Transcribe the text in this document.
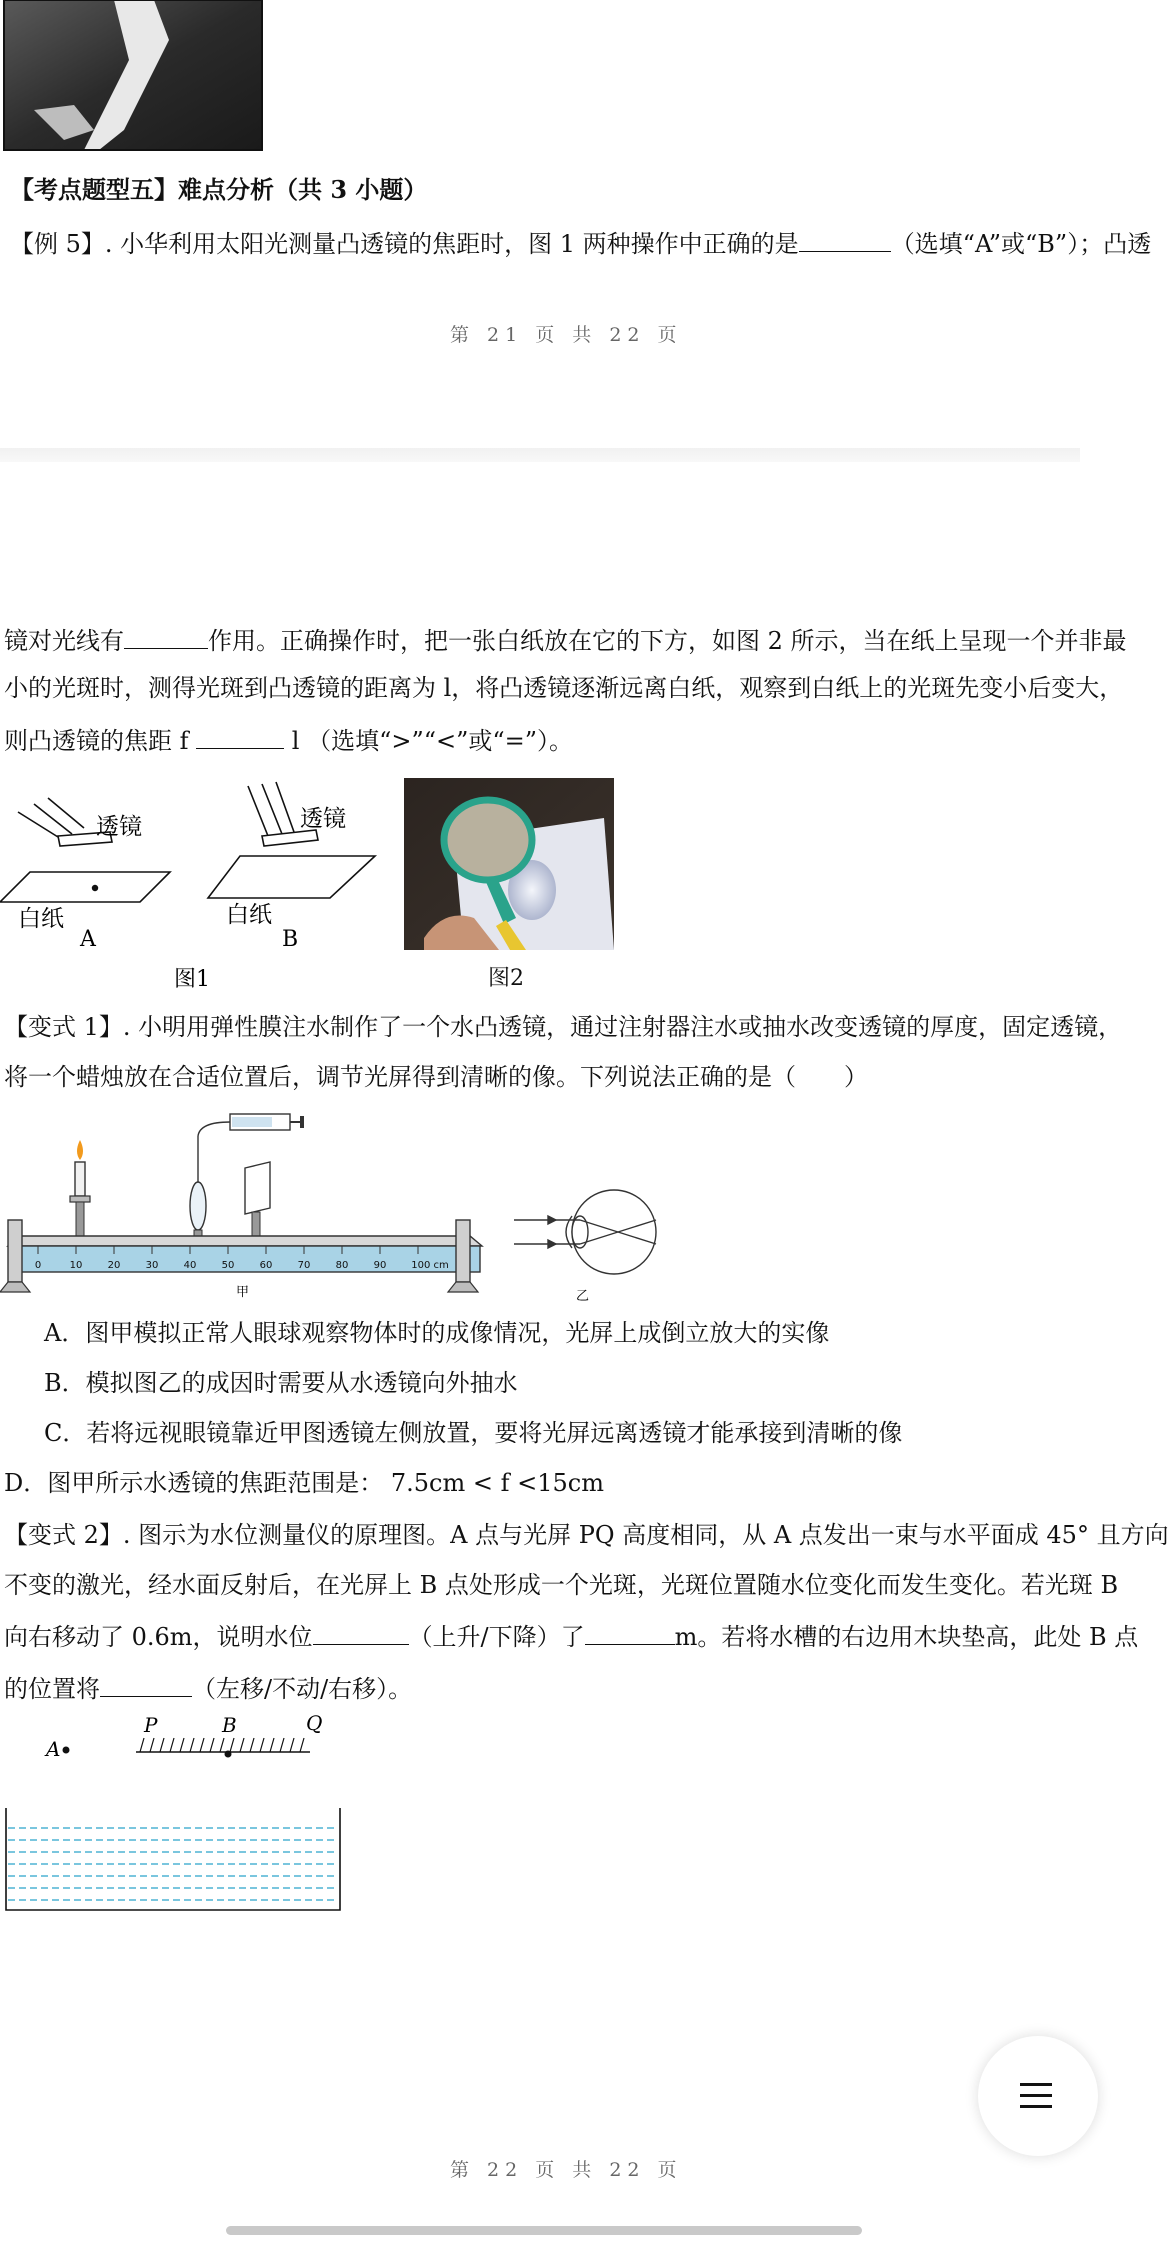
【考点题型五】难点分析（共 3 小题）
【例 5】. 小华利用太阳光测量凸透镜的焦距时，图 1 两种操作中正确的是	（选填“A”或“B”）；凸透
第 21 页 共 22 页
镜对光线有	作用。正确操作时，把一张白纸放在它的下方，如图 2 所示，当在纸上呈现一个并非最
小的光斑时，测得光斑到凸透镜的距离为 l，将凸透镜逐渐远离白纸，观察到白纸上的光斑先变小后变大，
则凸透镜的焦距 f	l （选填“>”“<”或“=”）。
透镜
白纸
A
透镜
白纸
B
图1	图2
【变式 1】. 小明用弹性膜注水制作了一个水凸透镜，通过注射器注水或抽水改变透镜的厚度，固定透镜，
将一个蜡烛放在合适位置后，调节光屏得到清晰的像。下列说法正确的是（　　）
0	10	20	30	40	50	60	70	80	90 100 cm
甲	乙
A．图甲模拟正常人眼球观察物体时的成像情况，光屏上成倒立放大的实像
B．模拟图乙的成因时需要从水透镜向外抽水
C．若将远视眼镜靠近甲图透镜左侧放置，要将光屏远离透镜才能承接到清晰的像
D．图甲所示水透镜的焦距范围是： 7.5cm < f <15cm
【变式 2】. 图示为水位测量仪的原理图。A 点与光屏 PQ 高度相同，从 A 点发出一束与水平面成 45° 且方向
不变的激光，经水面反射后，在光屏上 B 点处形成一个光斑，光斑位置随水位变化而发生变化。若光斑 B
向右移动了 0.6m，说明水位	（上升/下降）了	m。若将水槽的右边用木块垫高，此处 B 点
的位置将	（左移/不动/右移）。
A
P	B	Q
第 22 页 共 22 页
